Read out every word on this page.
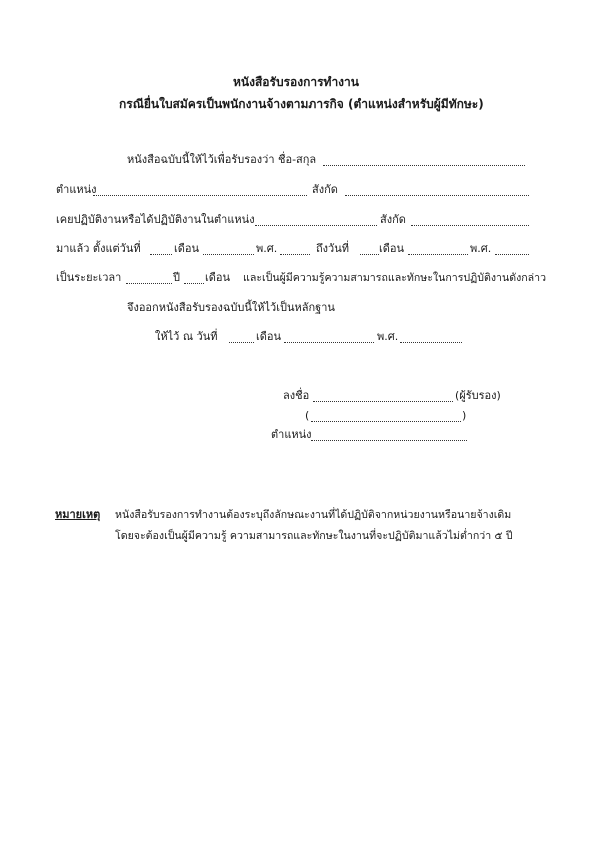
หนังสือรับรองการทำงาน
กรณียื่นใบสมัครเป็นพนักงานจ้างตามภารกิจ (ตำแหน่งสำหรับผู้มีทักษะ)
หนังสือฉบับนี้ให้ไว้เพื่อรับรองว่า ชื่อ-สกุล
ตำแหน่ง	สังกัด
เคยปฏิบัติงานหรือได้ปฏิบัติงานในตำแหน่ง	สังกัด
มาแล้ว ตั้งแต่วันที่	เดือน	พ.ศ.	ถึงวันที่	เดือน	พ.ศ.
เป็นระยะเวลา	ปี เดือน และเป็นผู้มีความรู้ความสามารถและทักษะในการปฏิบัติงานดังกล่าว
จึงออกหนังสือรับรองฉบับนี้ให้ไว้เป็นหลักฐาน
ให้ไว้ ณ วันที่	เดือน	พ.ศ.
ลงชื่อ	(ผู้รับรอง)
(	)
ตำแหน่ง
หมายเหตุ หนังสือรับรองการทำงานต้องระบุถึงลักษณะงานที่ได้ปฏิบัติจากหน่วยงานหรือนายจ้างเดิม
โดยจะต้องเป็นผู้มีความรู้ ความสามารถและทักษะในงานที่จะปฏิบัติมาแล้วไม่ต่ำกว่า ๕ ปี
